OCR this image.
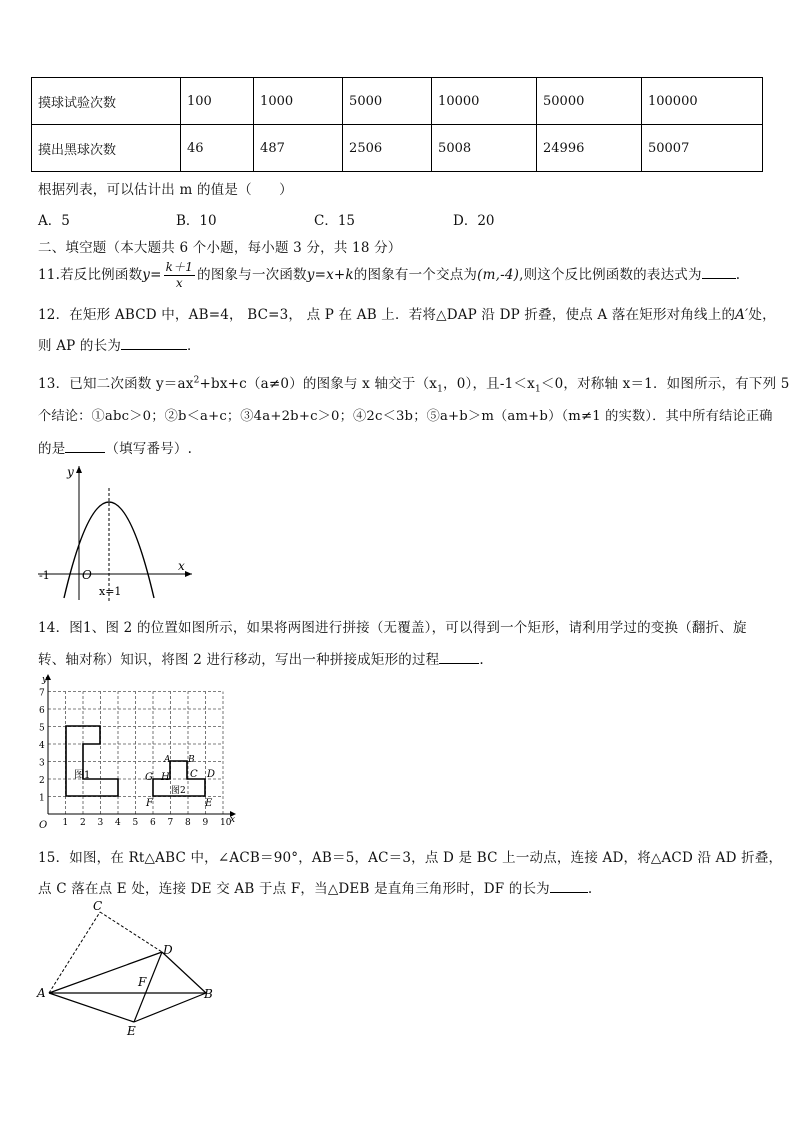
摸球试验次数	100	1000	5000	10000	50000	100000
摸出黑球次数	46	487	2506	5008	24996	50007
根据列表，可以估计出 m 的值是（　　）
A．5	B．10	C．15	D．20
二、填空题（本大题共 6 个小题，每小题 3 分，共 18 分）
11.若反比例函数$y= \frac{k+1}{x}$ 的图象与一次函数y=x+k的图象有一个交点为(m,-4),则这个反比例函数的表达式为	.
12．在矩形 ABCD 中，AB=4， BC=3， 点 P 在 AB 上．若将△DAP 沿 DP 折叠，使点 A 落在矩形对角线上的A′处，
则 AP 的长为	．
13．已知二次函数 $y=ax^2+bx+c(a\ne 0)$的图象与 x 轴交于（$x_1$，0），且$-1<x_1<0$，对称轴 x＝1．如图所示，有下列 5
个结论：①abc＞0；②b＜a+c；③4a+2b+c＞0；④2c＜3b；⑤a+b＞m（am+b）（m≠1 的实数）．其中所有结论正确
的是	（填写番号）.
y
x
O
-1
x=1
14．图1、图 2 的位置如图所示，如果将两图进行拼接（无覆盖），可以得到一个矩形，请利用学过的变换（翻折、旋
转、轴对称）知识，将图 2 进行移动，写出一种拼接成矩形的过程	.
图1
图2
A B
C D
E
F
G H
y
x
O 1 2 3 4 5 6 7 8 9 10
1
2
3
4
5
6
7
15．如图，在 Rt△ABC 中，∠ACB＝90°，AB＝5，AC＝3，点 D 是 BC 上一动点，连接 AD，将△ACD 沿 AD 折叠，
点 C 落在点 E 处，连接 DE 交 AB 于点 F，当△DEB 是直角三角形时，DF 的长为	.
C
D
A
F
B
E
